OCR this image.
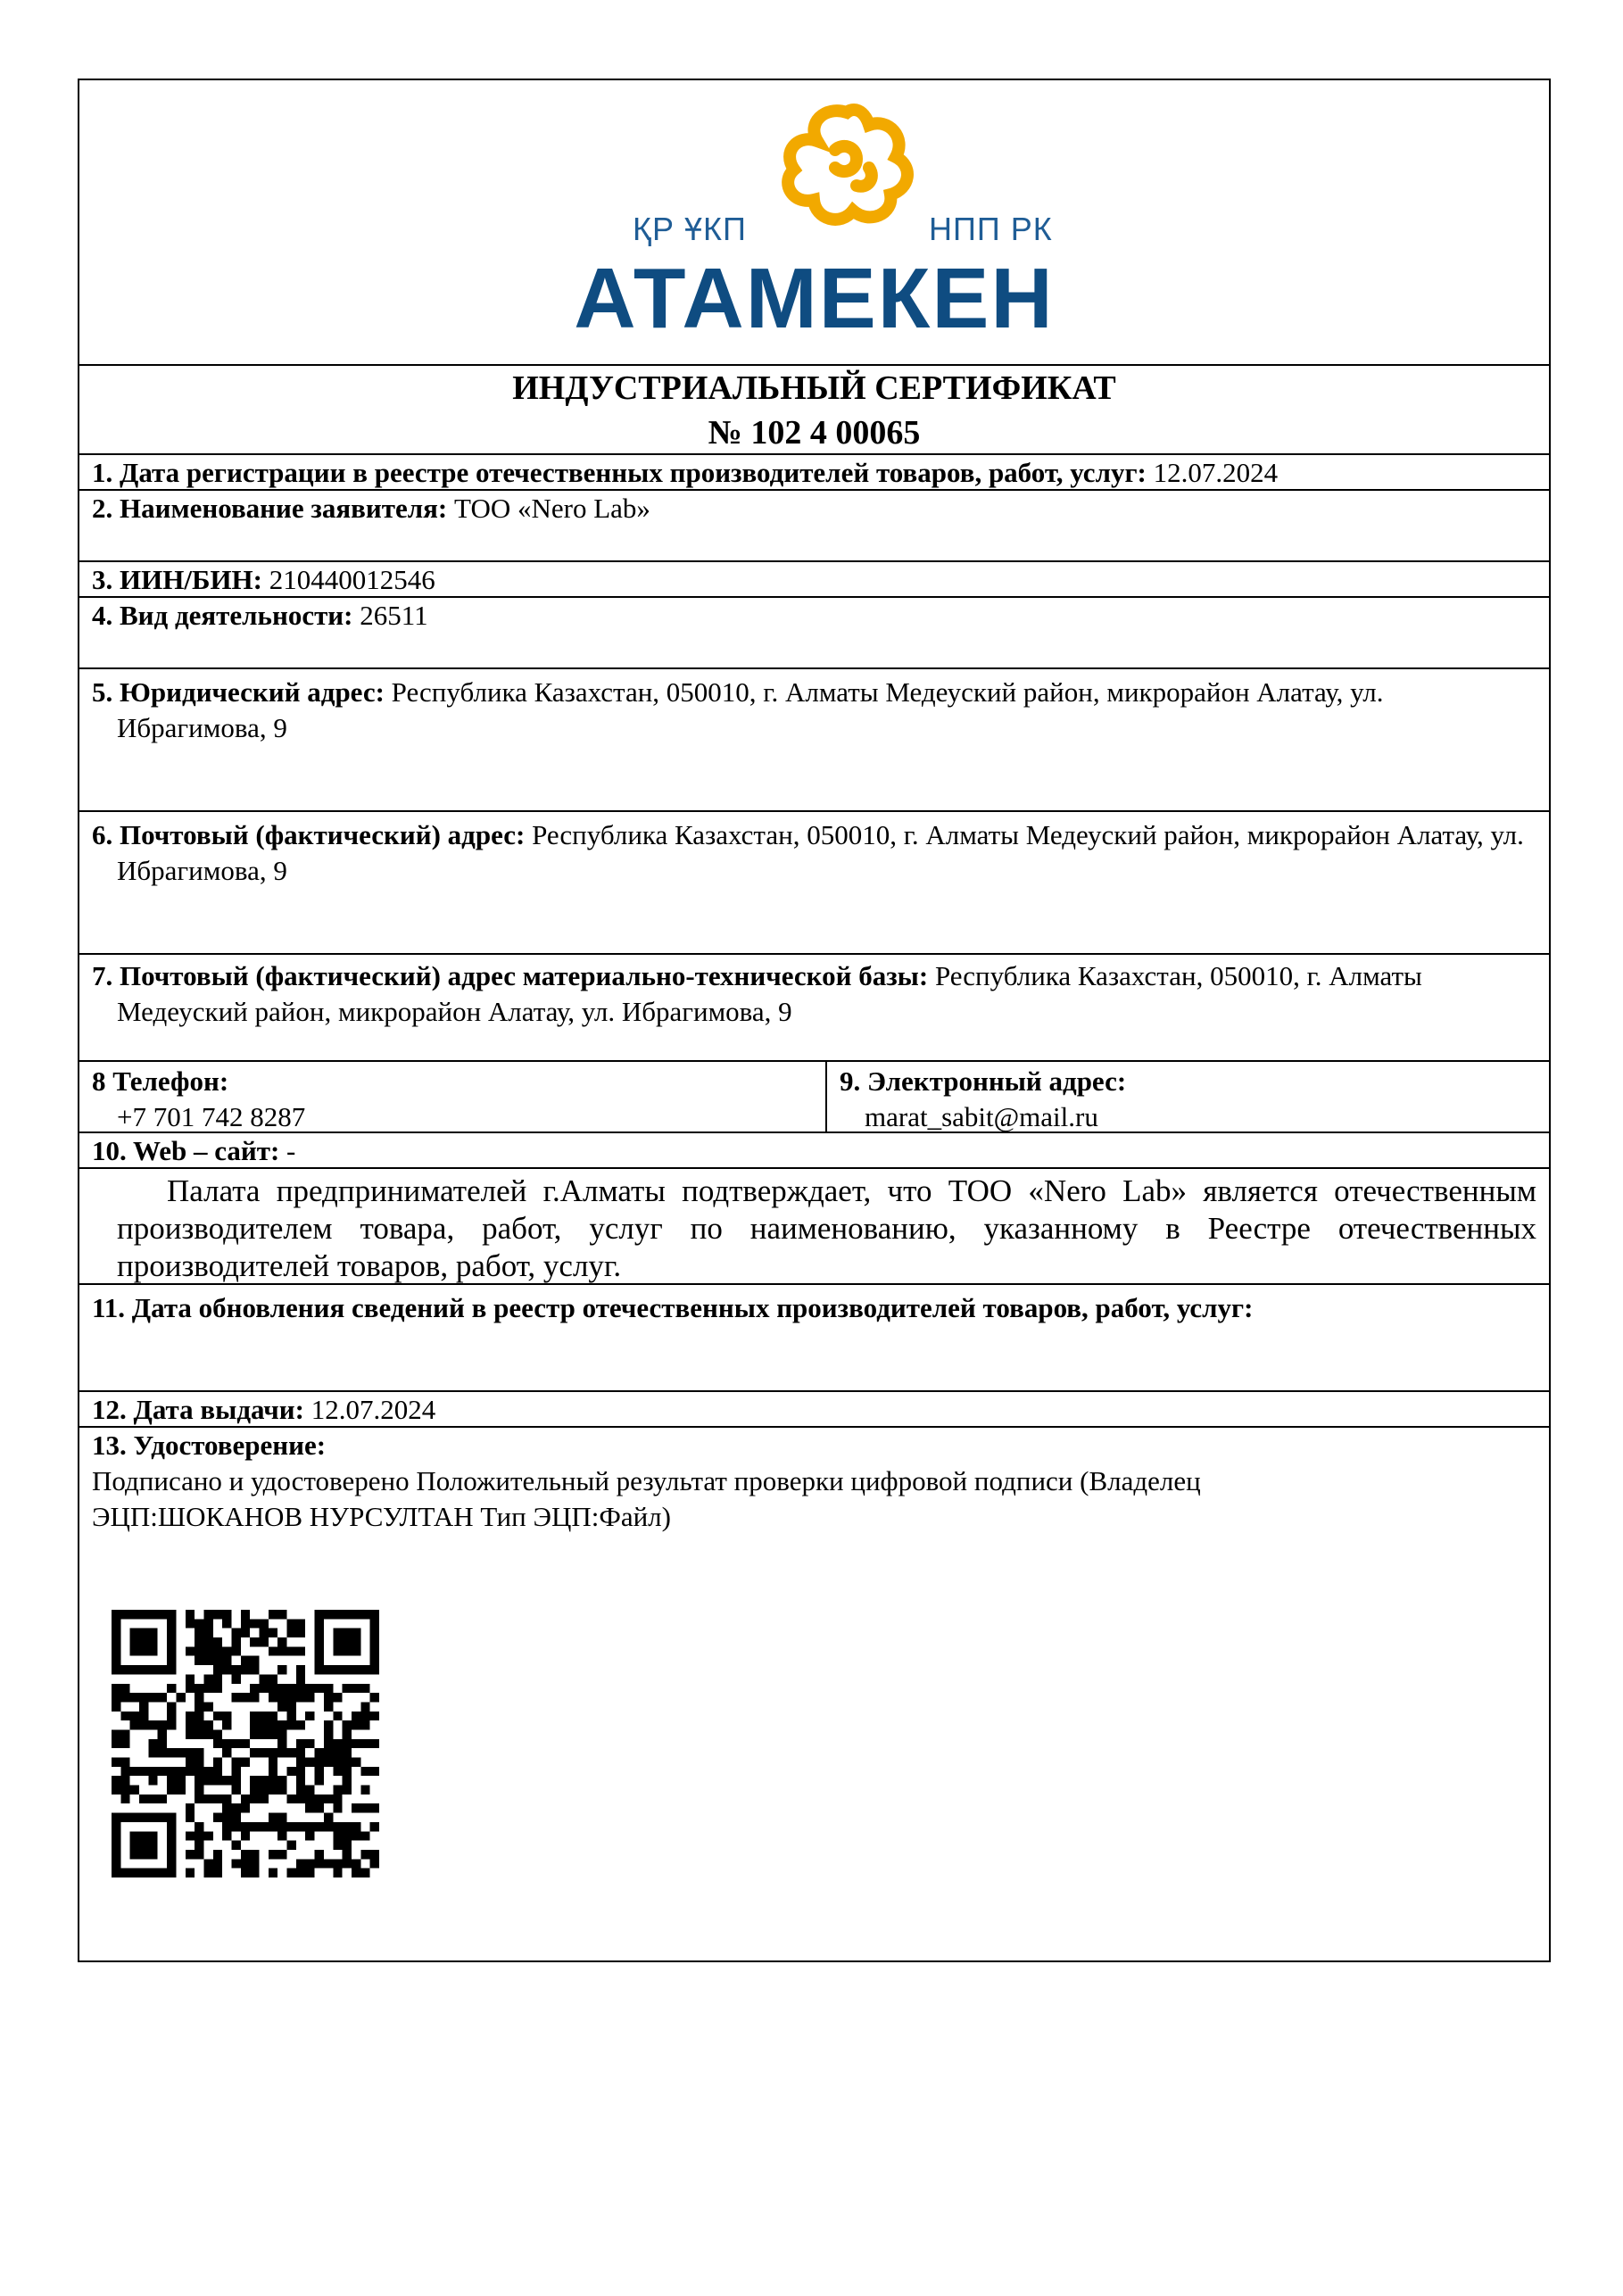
ҚР ҰКП	НПП РК
АТАМЕКЕН
ИНДУСТРИАЛЬНЫЙ СЕРТИФИКАТ
№ 102 4 00065
1. Дата регистрации в реестре отечественных производителей товаров, работ, услуг: 12.07.2024
2. Наименование заявителя: ТОО «Nero Lab»
3. ИИН/БИН: 210440012546
4. Вид деятельности: 26511
5. Юридический адрес: Республика Казахстан, 050010, г. Алматы Медеуский район, микрорайон Алатау, ул. Ибрагимова, 9
6. Почтовый (фактический) адрес: Республика Казахстан, 050010, г. Алматы Медеуский район, микрорайон Алатау, ул. Ибрагимова, 9
7. Почтовый (фактический) адрес материально-технической базы: Республика Казахстан, 050010, г. Алматы Медеуский район, микрорайон Алатау, ул. Ибрагимова, 9
8 Телефон:
+7 701 742 8287
9. Электронный адрес:
marat_sabit@mail.ru
10. Web – сайт: -
Палата предпринимателей г.Алматы подтверждает, что ТОО «Nero Lab» является отечественным производителем товара, работ, услуг по наименованию, указанному в Реестре отечественных производителей товаров, работ, услуг.
11. Дата обновления сведений в реестр отечественных производителей товаров, работ, услуг:
12. Дата выдачи: 12.07.2024
13. Удостоверение:
Подписано и удостоверено Положительный результат проверки цифровой подписи (Владелец ЭЦП:ШОКАНОВ НУРСУЛТАН Тип ЭЦП:Файл)
